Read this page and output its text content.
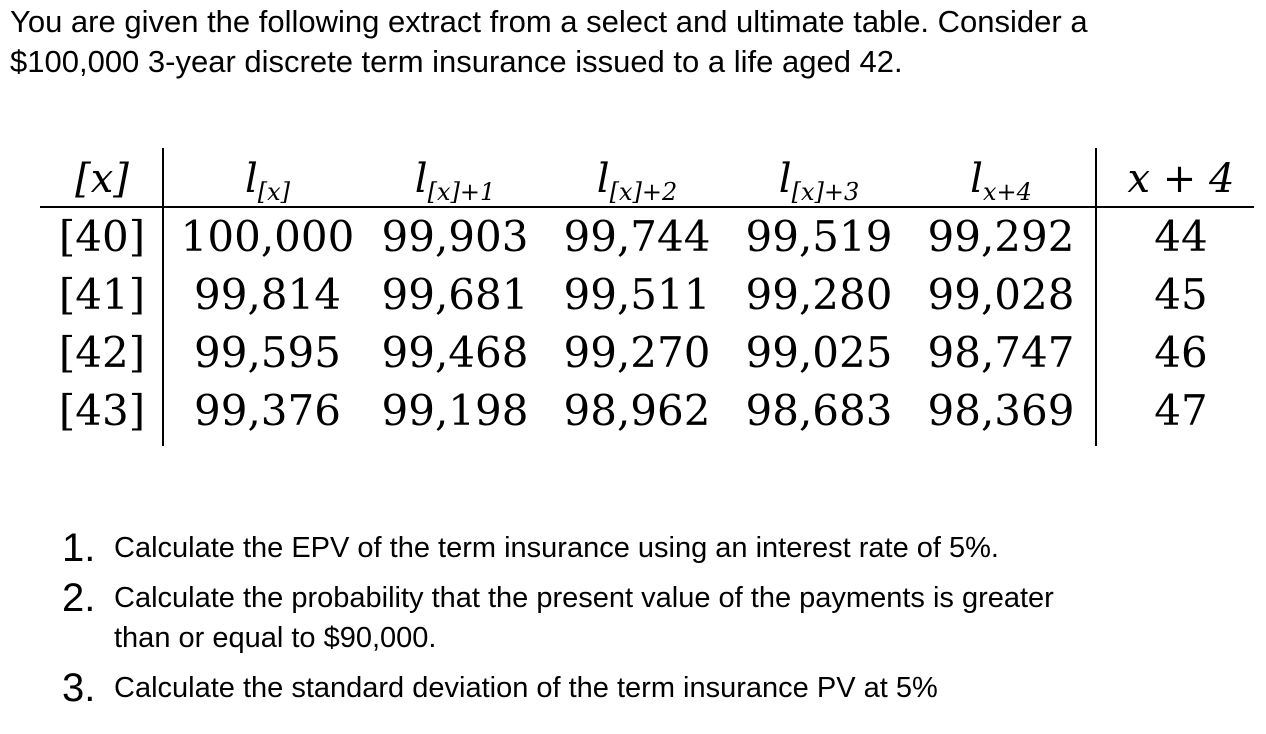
You are given the following extract from a select and ultimate table. Consider a
$100,000 3-year discrete term insurance issued to a life aged 42.

[x]	$l_{[x]}$	$l_{[x]+1}$	$l_{[x]+2}$	$l_{[x]+3}$	$l_{x+4}$	x + 4
[40] 100,000 99,903 99,744 99,519 99,292	44
[41]	99,814 99,681 99,511 99,280 99,028	45
[42]	99,595 99,468 99,270 99,025 98,747	46
[43]	99,376 99,198 98,962 98,683 98,369	47
1. Calculate the EPV of the term insurance using an interest rate of 5%.
2. Calculate the probability that the present value of the payments is greater
than or equal to $90,000.
3. Calculate the standard deviation of the term insurance PV at 5%
